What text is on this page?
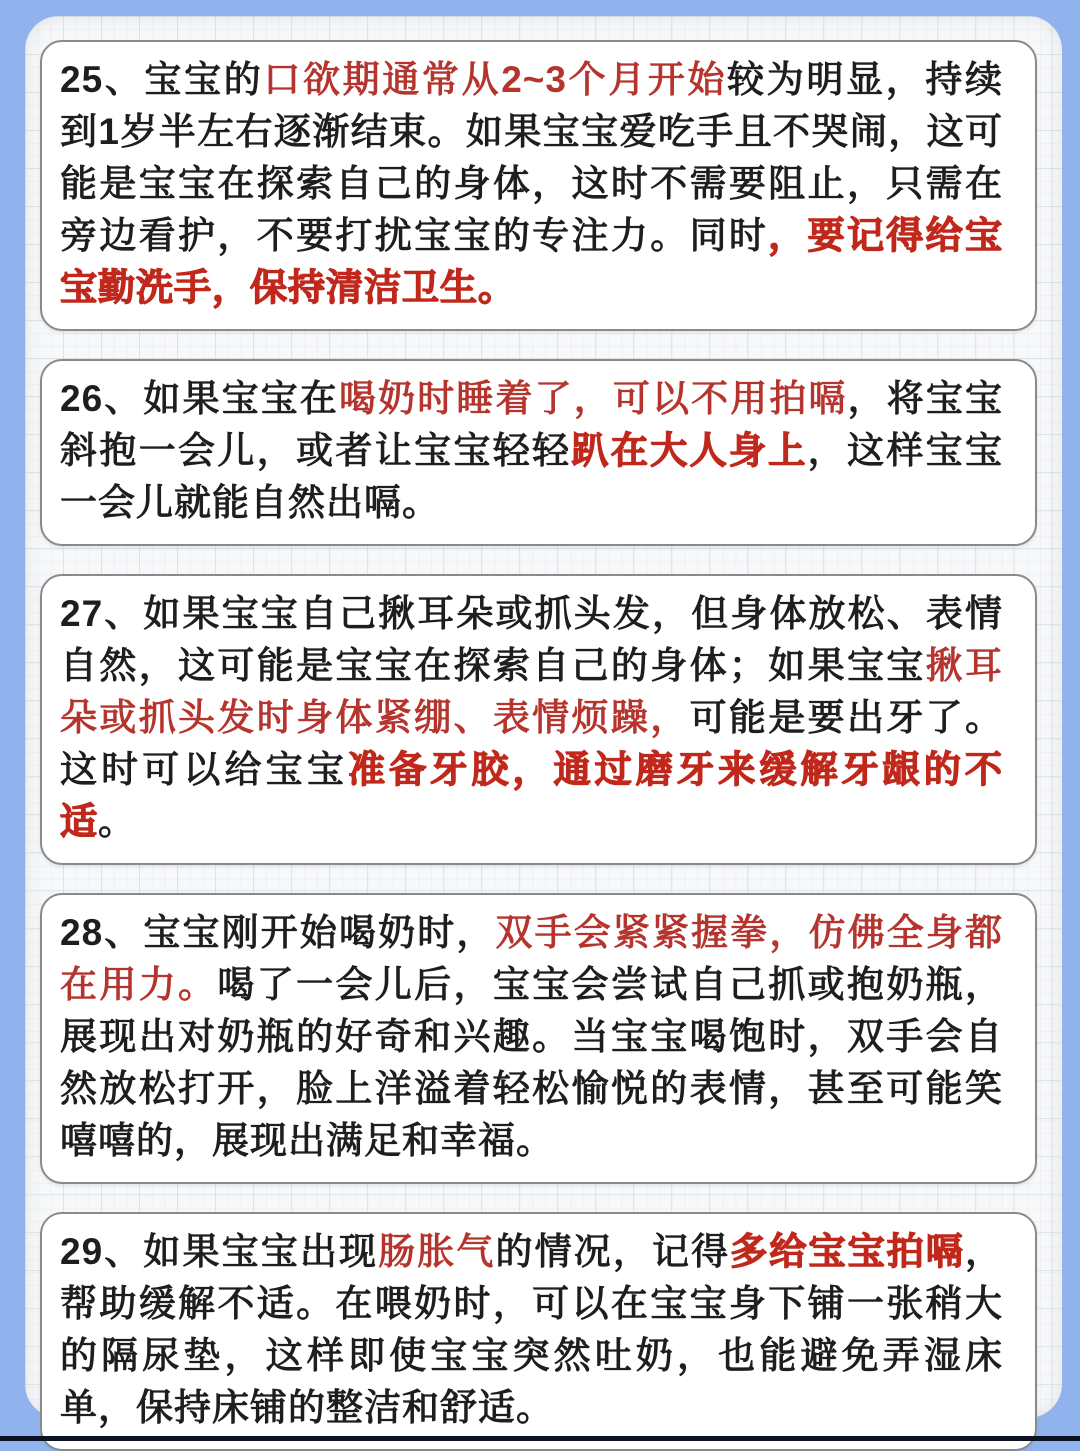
25、宝宝的口欲期通常从2~3个月开始较为明显，持续到1岁半左右逐渐结束。如果宝宝爱吃手且不哭闹，这可能是宝宝在探索自己的身体，这时不需要阻止，只需在旁边看护，不要打扰宝宝的专注力。同时，要记得给宝宝勤洗手，保持清洁卫生。
26、如果宝宝在喝奶时睡着了，可以不用拍嗝，将宝宝斜抱一会儿，或者让宝宝轻轻趴在大人身上，这样宝宝一会儿就能自然出嗝。
27、如果宝宝自己揪耳朵或抓头发，但身体放松、表情自然，这可能是宝宝在探索自己的身体；如果宝宝揪耳朵或抓头发时身体紧绷、表情烦躁，可能是要出牙了。这时可以给宝宝准备牙胶，通过磨牙来缓解牙龈的不适。
28、宝宝刚开始喝奶时，双手会紧紧握拳，仿佛全身都在用力。喝了一会儿后，宝宝会尝试自己抓或抱奶瓶，展现出对奶瓶的好奇和兴趣。当宝宝喝饱时，双手会自然放松打开，脸上洋溢着轻松愉悦的表情，甚至可能笑嘻嘻的，展现出满足和幸福。
29、如果宝宝出现肠胀气的情况，记得多给宝宝拍嗝，帮助缓解不适。在喂奶时，可以在宝宝身下铺一张稍大的隔尿垫，这样即使宝宝突然吐奶，也能避免弄湿床单，保持床铺的整洁和舒适。
